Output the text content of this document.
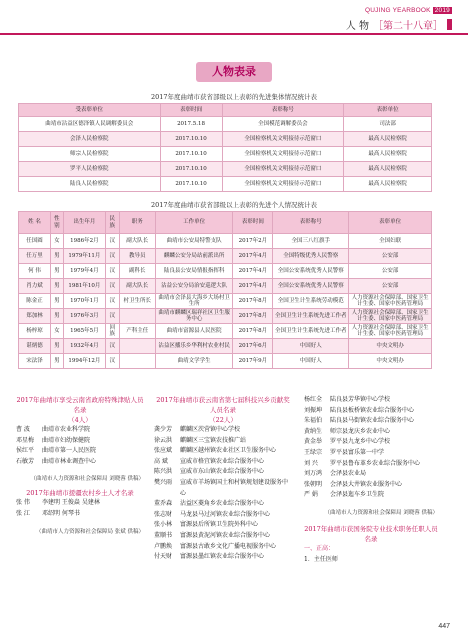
QUJING YEARBOOK 2019
人 物 ［第二十八章］
人物表录
2017年度曲靖市获省部级以上表彰的先进集体情况统计表
受表彰单位	表彰时间	表彰称号	表彰单位
曲靖市沾益区德泽镇人民调解委员会	2017.5.18	全国模范调解委员会	司法部
会泽人民检察院	2017.10.10	全国检察机关文明接待示范窗口	最高人民检察院
师宗人民检察院	2017.10.10	全国检察机关文明接待示范窗口	最高人民检察院
罗平人民检察院	2017.10.10	全国检察机关文明接待示范窗口	最高人民检察院
陆良人民检察院	2017.10.10	全国检察机关文明接待示范窗口	最高人民检察院
2017年度曲靖市获省部级以上表彰的先进个人情况统计表
姓 名	性别	出生年月	民族	职务	工作单位	表彰时间	表彰称号	表彰单位
任国圆	女	1986年2月	汉	副大队长	曲靖市公安局特警支队	2017年2月	全国三八红旗手	全国妇联
任万里	男	1979年11月	汉	教导员	麒麟公安分局站前派出所	2017年4月	全国特级优秀人民警察	公安部
何 伟	男	1979年4月	汉	副科长	陆良县公安局情报指挥科	2017年4月	全国公安系统优秀人民警察	公安部
肖力斌	男	1981年10月	汉	副大队长	沾益公安分局治安巡逻大队	2017年4月	全国公安系统优秀人民警察	公安部
陈金正	男	1970年1月	汉	村卫生所长	曲靖市会泽县大海乡大场村卫生所	2017年8月	全国卫生计生系统劳动模范	人力资源社会保障部、国家卫生计生委、国家中医药管理局
郑加林	男	1976年3月	汉		曲靖市麒麟区瑞祥社区卫生服务中心	2017年8月	全国卫生计生系统先进工作者	人力资源社会保障部、国家卫生计生委、国家中医药管理局
杨梓琼	女	1965年5月	回族	产科主任	曲靖市富源县人民医院	2017年8月	全国卫生计生系统先进工作者	人力资源社会保障部、国家卫生计生委、国家中医药管理局
谌炳德	男	1932年4月	汉		沾益区播乐乡华利村农业村民	2017年6月	中国好人	中央文明办
宋法泽	男	1994年12月	汉		曲靖文学学生	2017年9月	中国好人	中央文明办
2017年曲靖市享受云南省政府特殊津贴人员名录
（4人）
曹 波	曲靖市农业科学院
邓星梅	曲靖市妇幼保健院
侯红平	曲靖市第一人民医院
石敏芳	曲靖市林业调查中心
（曲靖市人力资源和社会保障局 刘晓蓉 供稿）
2017年曲靖市援疆农村乡土人才名录
张 伟	李建明 王俊焱 吴建林
张 江	邓绍明 何琴书
（曲靖市人力资源和社会保障局 张斌 供稿）
2017年曲靖市获云南省第七届科技兴乡贡献奖人员名录
（22人）
龚少芳	麒麟区茨营镇中心学校
徐云洪	麒麟区三宝镇农技推广站
张应斌	麒麟区越州镇农业社区卫生服务中心
高 斌	宣威市格宜镇农业综合服务中心
陈兴洪	宣威市东山镇农业综合服务中心
樊兴雨	宣威市羊场镇国土和村镇规划建设服务中心
董乔森	沾益区菱角乡农业综合服务中心
张志财	马龙县马过河镇农业综合服务中心
张小林	富源县后所镇卫生院外科中心
董顺书	富源县黄泥河镇农业综合服务中心
卢鹏焕	富源县古敢乡文化广播电视服务中心
付天财	富源县墨红镇农业综合服务中心
杨红全	陆良县芳华镇中心学校
刘振坤	陆良县板桥镇农业综合服务中心
朱福伯	陆良县马街镇农业综合服务中心
黄纳生	师宗县龙庆乡农业中心
黄金举	罗平县九龙乡中心学校
王绿宗	罗平县富乐第一中学
刘 兴	罗平县鲁布革乡农业综合服务中心
刘万鸿	会泽县农业局
张朝明	会泽县大井镇农业服务中心
严 娟	会泽县迤车乡卫生院
（曲靖市人力资源和社会保障局 刘晓蓉 供稿）
2017年曲靖市获国务院专业技术职务任职人员名录
一、正高：
1．主任医师
447
